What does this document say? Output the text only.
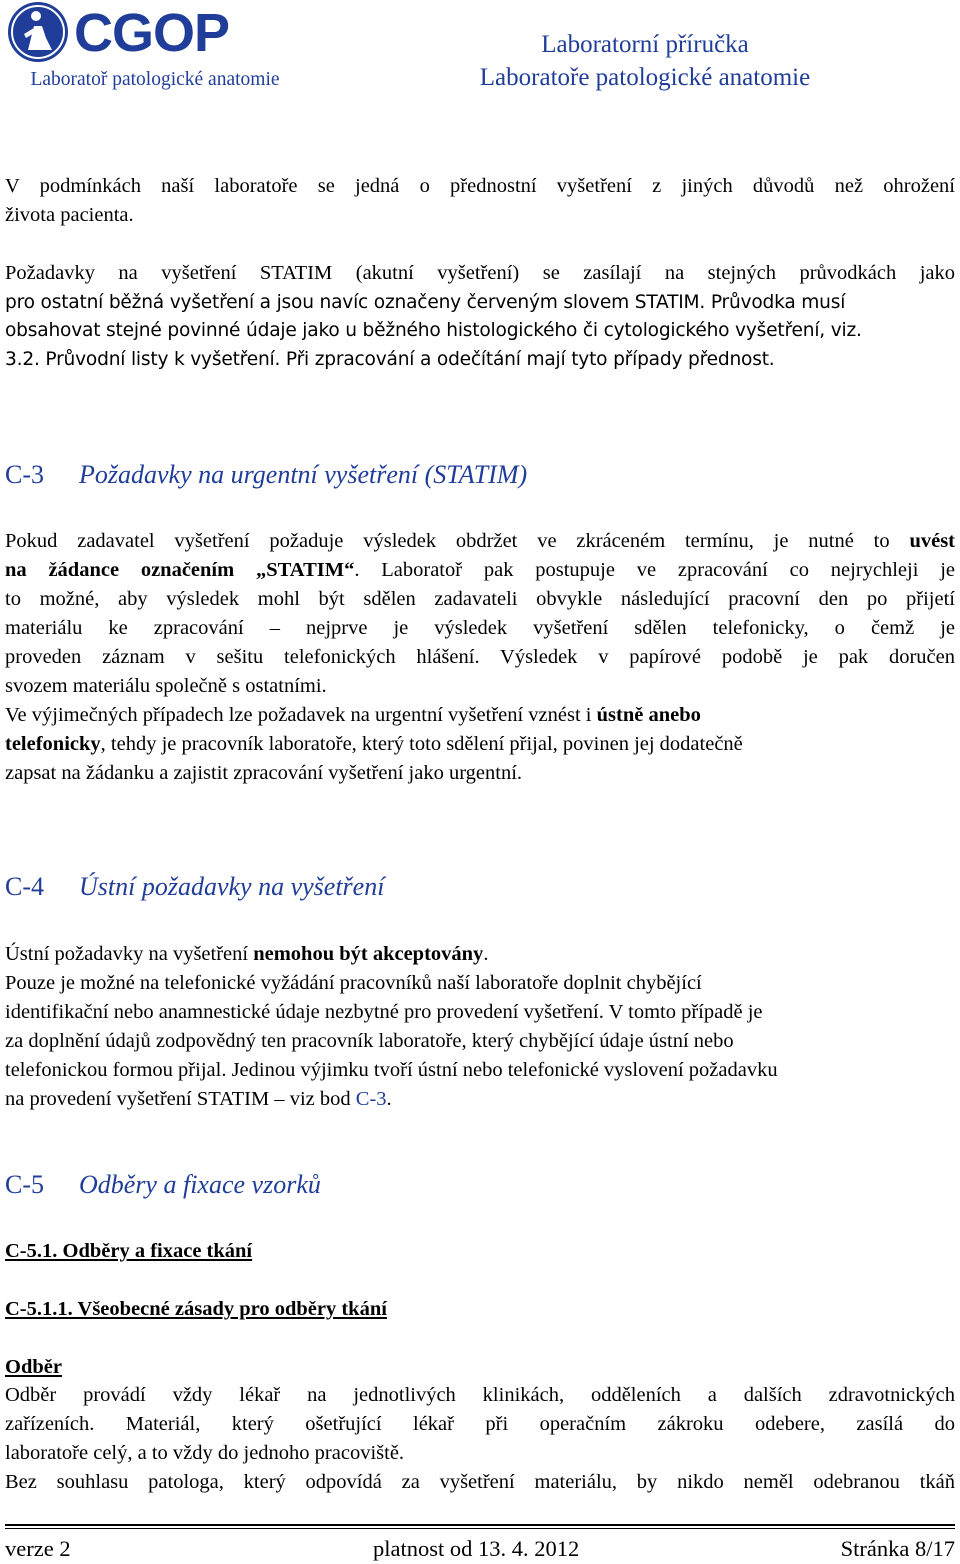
CGOP
Laboratoř patologické anatomie
Laboratorní příručka
Laboratoře patologické anatomie
V podmínkách naší laboratoře se jedná o přednostní vyšetření z jiných důvodů než ohrožení
života pacienta.
Požadavky na vyšetření STATIM (akutní vyšetření) se zasílají na stejných průvodkách jako
pro ostatní běžná vyšetření a jsou navíc označeny červeným slovem STATIM. Průvodka musí
obsahovat stejné povinné údaje jako u běžného histologického či cytologického vyšetření, viz.
3.2. Průvodní listy k vyšetření. Při zpracování a odečítání mají tyto případy přednost.
C-3 Požadavky na urgentní vyšetření (STATIM)
Pokud zadavatel vyšetření požaduje výsledek obdržet ve zkráceném termínu, je nutné to uvést
na žádance označením „STATIM“. Laboratoř pak postupuje ve zpracování co nejrychleji je
to možné, aby výsledek mohl být sdělen zadavateli obvykle následující pracovní den po přijetí
materiálu ke zpracování – nejprve je výsledek vyšetření sdělen telefonicky, o čemž je
proveden záznam v sešitu telefonických hlášení. Výsledek v papírové podobě je pak doručen
svozem materiálu společně s ostatními.
Ve výjimečných případech lze požadavek na urgentní vyšetření vznést i ústně anebo
telefonicky, tehdy je pracovník laboratoře, který toto sdělení přijal, povinen jej dodatečně
zapsat na žádanku a zajistit zpracování vyšetření jako urgentní.
C-4 Ústní požadavky na vyšetření
Ústní požadavky na vyšetření nemohou být akceptovány.
Pouze je možné na telefonické vyžádání pracovníků naší laboratoře doplnit chybějící
identifikační nebo anamnestické údaje nezbytné pro provedení vyšetření. V tomto případě je
za doplnění údajů zodpovědný ten pracovník laboratoře, který chybějící údaje ústní nebo
telefonickou formou přijal. Jedinou výjimku tvoří ústní nebo telefonické vyslovení požadavku
na provedení vyšetření STATIM – viz bod C-3.
C-5 Odběry a fixace vzorků
C-5.1. Odběry a fixace tkání
C-5.1.1. Všeobecné zásady pro odběry tkání
Odběr
Odběr provádí vždy lékař na jednotlivých klinikách, odděleních a dalších zdravotnických
zařízeních. Materiál, který ošetřující lékař při operačním zákroku odebere, zasílá do
laboratoře celý, a to vždy do jednoho pracoviště.
Bez souhlasu patologa, který odpovídá za vyšetření materiálu, by nikdo neměl odebranou tkáň
verze 2	platnost od 13. 4. 2012	Stránka 8/17
